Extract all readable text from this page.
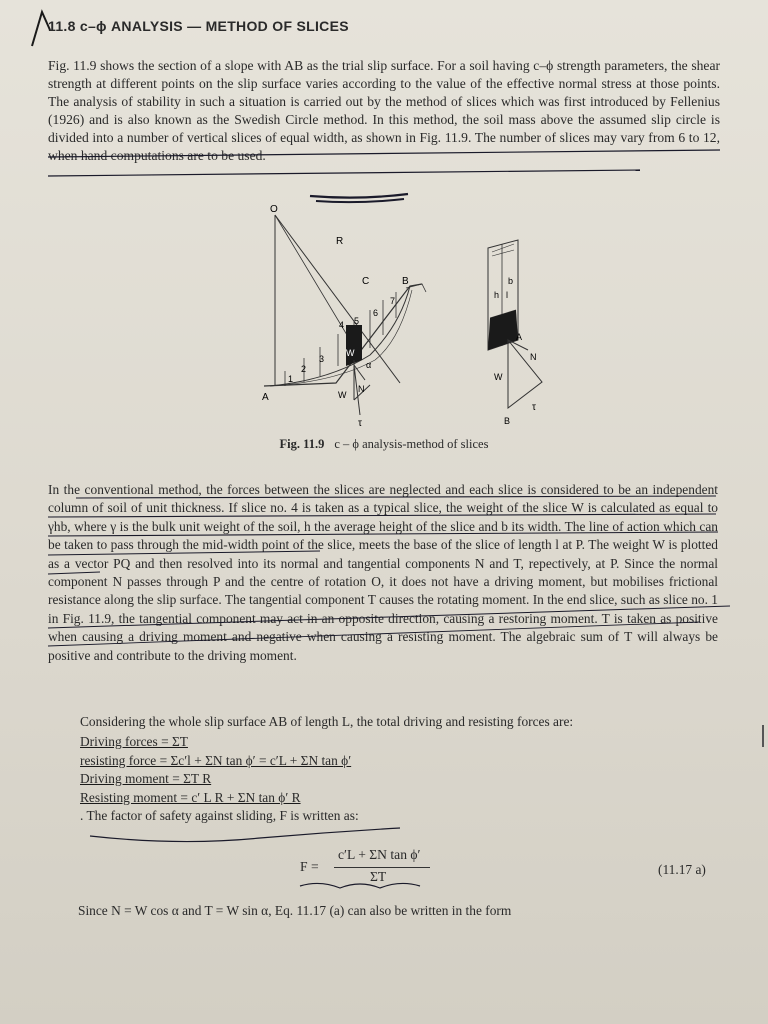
11.8 c–ϕ ANALYSIS — METHOD OF SLICES

Fig. 11.9 shows the section of a slope with AB as the trial slip surface. For a soil having c–ϕ strength parameters, the shear strength at different points on the slip surface varies according to the value of the effective normal stress at those points. The analysis of stability in such a situation is carried out by the method of slices which was first introduced by Fellenius (1926) and is also known as the Swedish Circle method. In this method, the soil mass above the assumed slip circle is divided into a number of vertical slices of equal width, as shown in Fig. 11.9. The number of slices may vary from 6 to 12, when hand computations are to be used.

O
R
C	B
A
1
2
3
4 5
6
7
W
α
W
N
τ
b
h l
A
N
W
τ
B
Fig. 11.9 c – ϕ analysis-method of slices

In the conventional method, the forces between the slices are neglected and each slice is considered to be an independent column of soil of unit thickness. If slice no. 4 is taken as a typical slice, the weight of the slice W is calculated as equal to γhb, where γ is the bulk unit weight of the soil, h the average height of the slice and b its width. The line of action which can be taken to pass through the mid-width point of the slice, meets the base of the slice of length l at P. The weight W is plotted as a vector PQ and then resolved into its normal and tangential components N and T, repectively, at P. Since the normal component N passes through P and the centre of rotation O, it does not have a driving moment, but mobilises frictional resistance along the slip surface. The tangential component T causes the rotating moment. In the end slice, such as slice no. 1 in Fig. 11.9, the tangential component may act in an opposite direction, causing a restoring moment. T is taken as positive when causing a driving moment and negative when causing a resisting moment. The algebraic sum of T will always be positive and contribute to the driving moment.

Considering the whole slip surface AB of length L, the total driving and resisting forces are:

Driving forces = ΣT
resisting force = Σc′l + ΣN tan ϕ′ = c′L + ΣN tan ϕ′
Driving moment = ΣT R
Resisting moment = c′ L R + ΣN tan ϕ′ R
. The factor of safety against sliding, F is written as:
F =
c′L + ΣN tan ϕ′
ΣT	(11.17 a)
Since N = W cos α and T = W sin α, Eq. 11.17 (a) can also be written in the form
